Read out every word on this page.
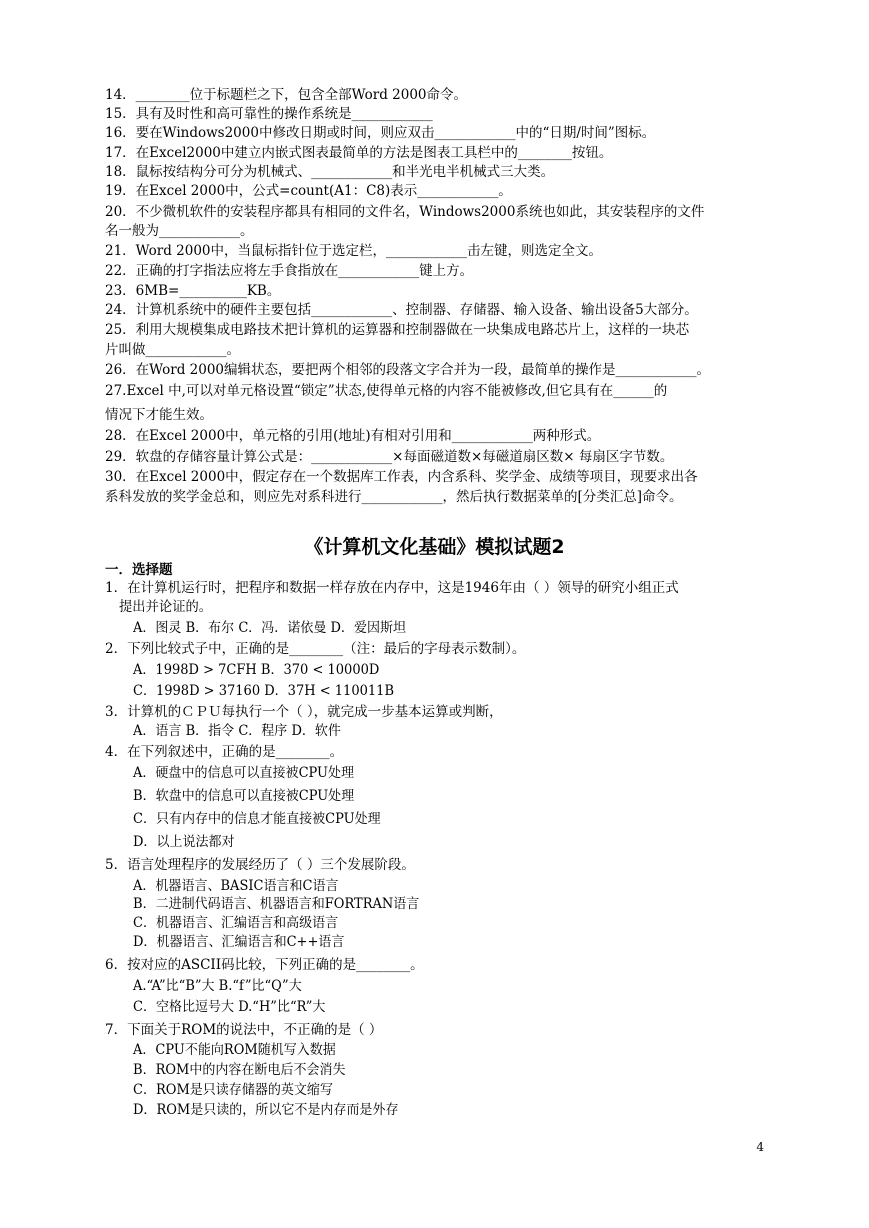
14．________位于标题栏之下，包含全部Word 2000命令。
15．具有及时性和高可靠性的操作系统是____________
16．要在Windows2000中修改日期或时间，则应双击____________中的“日期/时间”图标。
17．在Excel2000中建立内嵌式图表最简单的方法是图表工具栏中的________按钮。
18．鼠标按结构分可分为机械式、____________和半光电半机械式三大类。
19．在Excel 2000中，公式=count(A1：C8)表示____________。
20．不少微机软件的安装程序都具有相同的文件名，Windows2000系统也如此，其安装程序的文件
名一般为____________。
21．Word 2000中，当鼠标指针位于选定栏，____________击左键，则选定全文。
22．正确的打字指法应将左手食指放在____________键上方。
23．6MB=__________KB。
24．计算机系统中的硬件主要包括____________、控制器、存储器、输入设备、输出设备5大部分。
25．利用大规模集成电路技术把计算机的运算器和控制器做在一块集成电路芯片上，这样的一块芯
片叫做____________。
26．在Word 2000编辑状态，要把两个相邻的段落文字合并为一段，最简单的操作是____________。
27.Excel 中,可以对单元格设置“锁定”状态,使得单元格的内容不能被修改,但它具有在______的
情况下才能生效。
28．在Excel 2000中，单元格的引用(地址)有相对引用和____________两种形式。
29．软盘的存储容量计算公式是：____________×每面磁道数×每磁道扇区数× 每扇区字节数。
30．在Excel 2000中，假定存在一个数据库工作表，内含系科、奖学金、成绩等项目，现要求出各
系科发放的奖学金总和，则应先对系科进行____________，然后执行数据菜单的[分类汇总]命令。
《计算机文化基础》模拟试题2
一．选择题
1．在计算机运行时，把程序和数据一样存放在内存中，这是1946年由（ ）领导的研究小组正式
提出并论证的。
A．图灵 B．布尔 C．冯．诺依曼 D．爱因斯坦
2．下列比较式子中，正确的是________（注：最后的字母表示数制）。
A．1998D > 7CFH B．370 < 10000D
C．1998D > 37160 D．37H < 110011B
3．计算机的ＣＰＵ每执行一个（ ），就完成一步基本运算或判断，
A．语言 B．指令 C．程序 D．软件
4．在下列叙述中，正确的是________。
A．硬盘中的信息可以直接被CPU处理
B．软盘中的信息可以直接被CPU处理
C．只有内存中的信息才能直接被CPU处理
D．以上说法都对
5．语言处理程序的发展经历了（ ）三个发展阶段。
A．机器语言、BASIC语言和C语言
B．二进制代码语言、机器语言和FORTRAN语言
C．机器语言、汇编语言和高级语言
D．机器语言、汇编语言和C++语言
6．按对应的ASCII码比较，下列正确的是________。
A.“A”比“B”大 B.“f”比“Q”大
C．空格比逗号大 D.“H”比“R”大
7．下面关于ROM的说法中，不正确的是（ ）
A．CPU不能向ROM随机写入数据
B．ROM中的内容在断电后不会消失
C．ROM是只读存储器的英文缩写
D．ROM是只读的，所以它不是内存而是外存
4
